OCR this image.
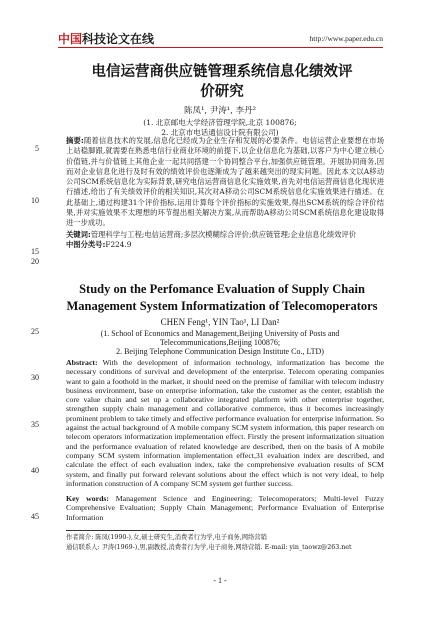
中国科技论文在线	http://www.paper.edu.cn
中国科技论文在线
中国科技论文在线
电信运营商供应链管理系统信息化绩效评
价研究
陈凤¹, 尹涛¹, 李丹²
(1. 北京邮电大学经济管理学院,北京 100876;
2. 北京市电话通信设计院有限公司)
摘要:随着信息技术的发展,信息化已经成为企业生存和发展的必要条件。电信运营企业要想在市场上站稳脚跟,就需要在熟悉电信行业商业环境的前提下,以企业信息化为基础,以客户为中心建立核心价值链,并与价值链上其他企业一起共同搭建一个协同整合平台,加强供应链管理。开展协同商务,因而对企业信息化进行及时有效的绩效评价也逐渐成为了越来越突出的现实问题。因此本文以A移动公司SCM系统信息化为实际背景,研究电信运营商信息化实施效果,首先对电信运营商信息化现状进行描述,给出了有关绩效评价的相关知识,其次对A移动公司SCM系统信息化实施效果进行描述。在此基础上,通过构建31个评价指标,运用计算每个评价指标的实施效果,得出SCM系统的综合评价结果,并对实施效果不太理想的环节提出相关解决方案,从而帮助A移动公司SCM系统信息化建设取得进一步成功。
关键词:管理科学与工程;电信运营商;多层次模糊综合评价;供应链管理;企业信息化绩效评价
中图分类号:F224.9
5
10
15
20
25
30
35
40
45
Study on the Perfomance Evaluation of Supply Chain
Management System Informatization of Telecomoperators
CHEN Feng¹, YIN Tao¹, LI Dan²
(1. School of Economics and Management,Beijing University of Posts and
Telecommunications,Beijing 100876;
2. Beijing Telephone Communication Design Institute Co., LTD)
Abstract: With the development of information technology, informatization has become the necessary conditions of survival and development of the enterprise. Telecom operating companies want to gain a foothold in the market, it should need on the premise of familiar with telecom industry business environment, base on enterprise information, take the customer as the center, establish the core value chain and set up a collaborative integrated platform with other enterprise together, strengthen supply chain management and collaborative commerce, thus it becomes increasingly prominent problem to take timely and effective performance evaluation for enterprise information. So against the actual background of A mobile company SCM system information, this paper research on telecom operators informatization implementation effect. Firstly the present informatization situation and the performance evaluation of related knowledge are described, then on the basis of A mobile company SCM system information implementation effect,31 evaluation index are described, and calculate the effect of each evaluation index, take the comprehensive evaluation results of SCM system, and finally put forward relevant solutions about the effect which is not very ideal, to help information construction of A company SCM system get further success.
Key words: Management Science and Engineering; Telecomoperators; Multi-level Fuzzy Comprehensive Evaluation; Supply Chain Management; Performance Evaluation of Enterprise Information
作者简介: 陈凤(1990-),女,硕士研究生,消费者行为学,电子商务,网络营销
通信联系人: 尹涛(1969-),男,副教授,消费者行为学,电子商务,网络营销. E-mail: yin_taowz@263.net
- 1 -
